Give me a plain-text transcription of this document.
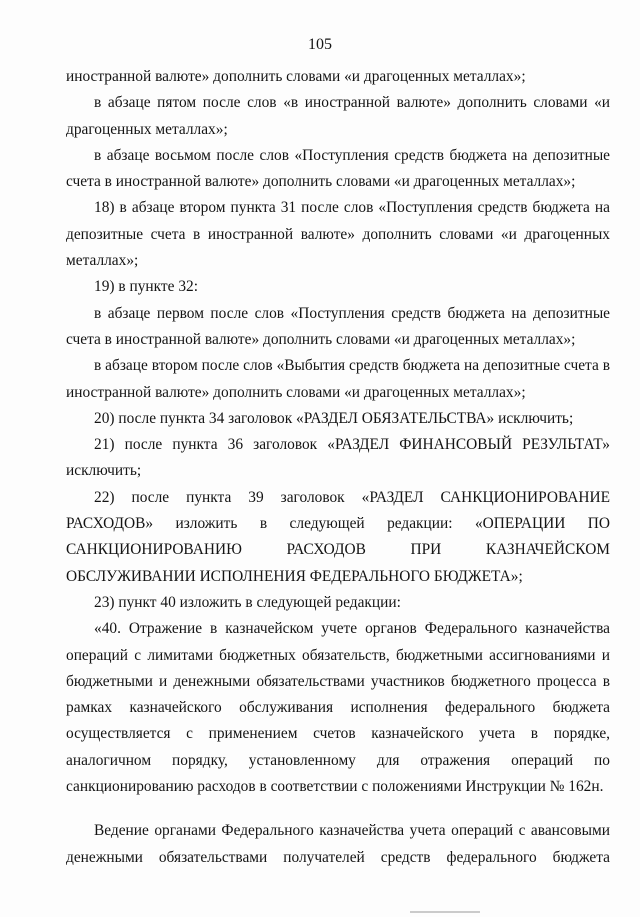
105

иностранной валюте» дополнить словами «и драгоценных металлах»;

в абзаце пятом после слов «в иностранной валюте» дополнить словами «и драгоценных металлах»;

в абзаце восьмом после слов «Поступления средств бюджета на депозитные счета в иностранной валюте» дополнить словами «и драгоценных металлах»;

18) в абзаце втором пункта 31 после слов «Поступления средств бюджета на депозитные счета в иностранной валюте» дополнить словами «и драгоценных металлах»;

19) в пункте 32:

в абзаце первом после слов «Поступления средств бюджета на депозитные счета в иностранной валюте» дополнить словами «и драгоценных металлах»;

в абзаце втором после слов «Выбытия средств бюджета на депозитные счета в иностранной валюте» дополнить словами «и драгоценных металлах»;

20) после пункта 34 заголовок «РАЗДЕЛ ОБЯЗАТЕЛЬСТВА» исключить;

21) после пункта 36 заголовок «РАЗДЕЛ ФИНАНСОВЫЙ РЕЗУЛЬТАТ» исключить;

22) после пункта 39 заголовок «РАЗДЕЛ САНКЦИОНИРОВАНИЕ РАСХОДОВ» изложить в следующей редакции: «ОПЕРАЦИИ ПО САНКЦИОНИРОВАНИЮ РАСХОДОВ ПРИ КАЗНАЧЕЙСКОМ ОБСЛУЖИВАНИИ ИСПОЛНЕНИЯ ФЕДЕРАЛЬНОГО БЮДЖЕТА»;

23) пункт 40 изложить в следующей редакции:

«40. Отражение в казначейском учете органов Федерального казначейства операций с лимитами бюджетных обязательств, бюджетными ассигнованиями и бюджетными и денежными обязательствами участников бюджетного процесса в рамках казначейского обслуживания исполнения федерального бюджета осуществляется с применением счетов казначейского учета в порядке, аналогичном порядку, установленному для отражения операций по санкционированию расходов в соответствии с положениями Инструкции № 162н.

Ведение органами Федерального казначейства учета операций с авансовыми денежными обязательствами получателей средств федерального бюджета
